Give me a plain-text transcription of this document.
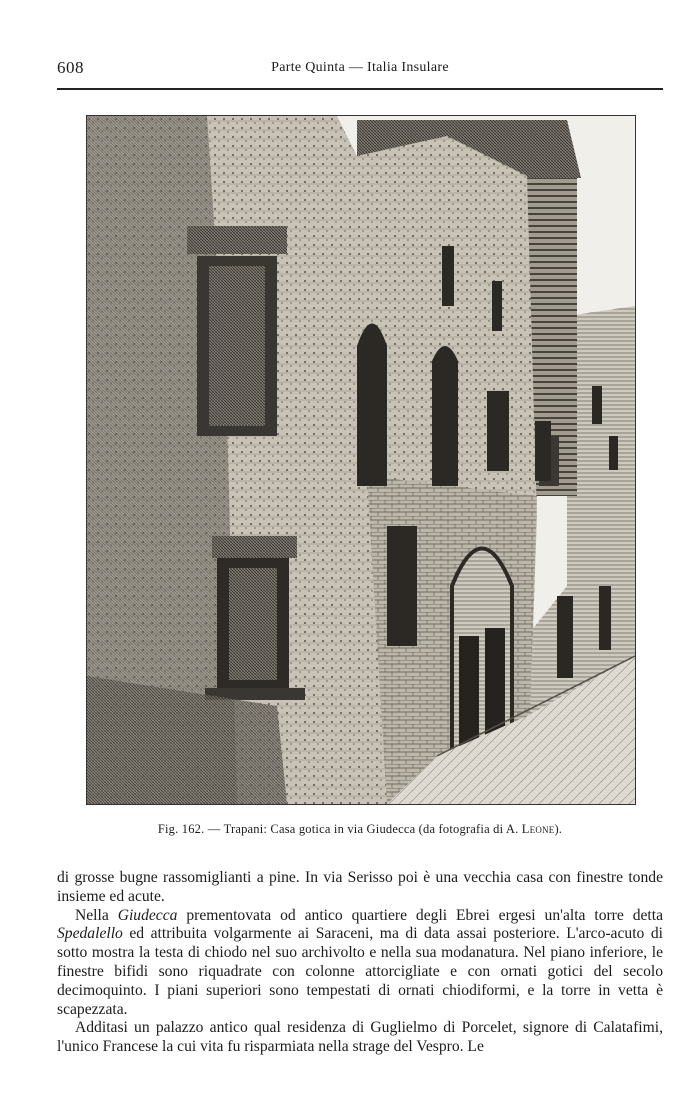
608	Parte Quinta — Italia Insulare
Fig. 162. — Trapani: Casa gotica in via Giudecca (da fotografia di A. Leone).

di grosse bugne rassomiglianti a pine. In via Serisso poi è una vecchia casa con finestre tonde insieme ed acute.

Nella Giudecca prementovata od antico quartiere degli Ebrei ergesi un'alta torre detta Spedalello ed attribuita volgarmente ai Saraceni, ma di data assai posteriore. L'arco-acuto di sotto mostra la testa di chiodo nel suo archivolto e nella sua modanatura. Nel piano inferiore, le finestre bifidi sono riquadrate con colonne attorcigliate e con ornati gotici del secolo decimoquinto. I piani superiori sono tempestati di ornati chiodiformi, e la torre in vetta è scapezzata.

Additasi un palazzo antico qual residenza di Guglielmo di Porcelet, signore di Calatafimi, l'unico Francese la cui vita fu risparmiata nella strage del Vespro. Le
